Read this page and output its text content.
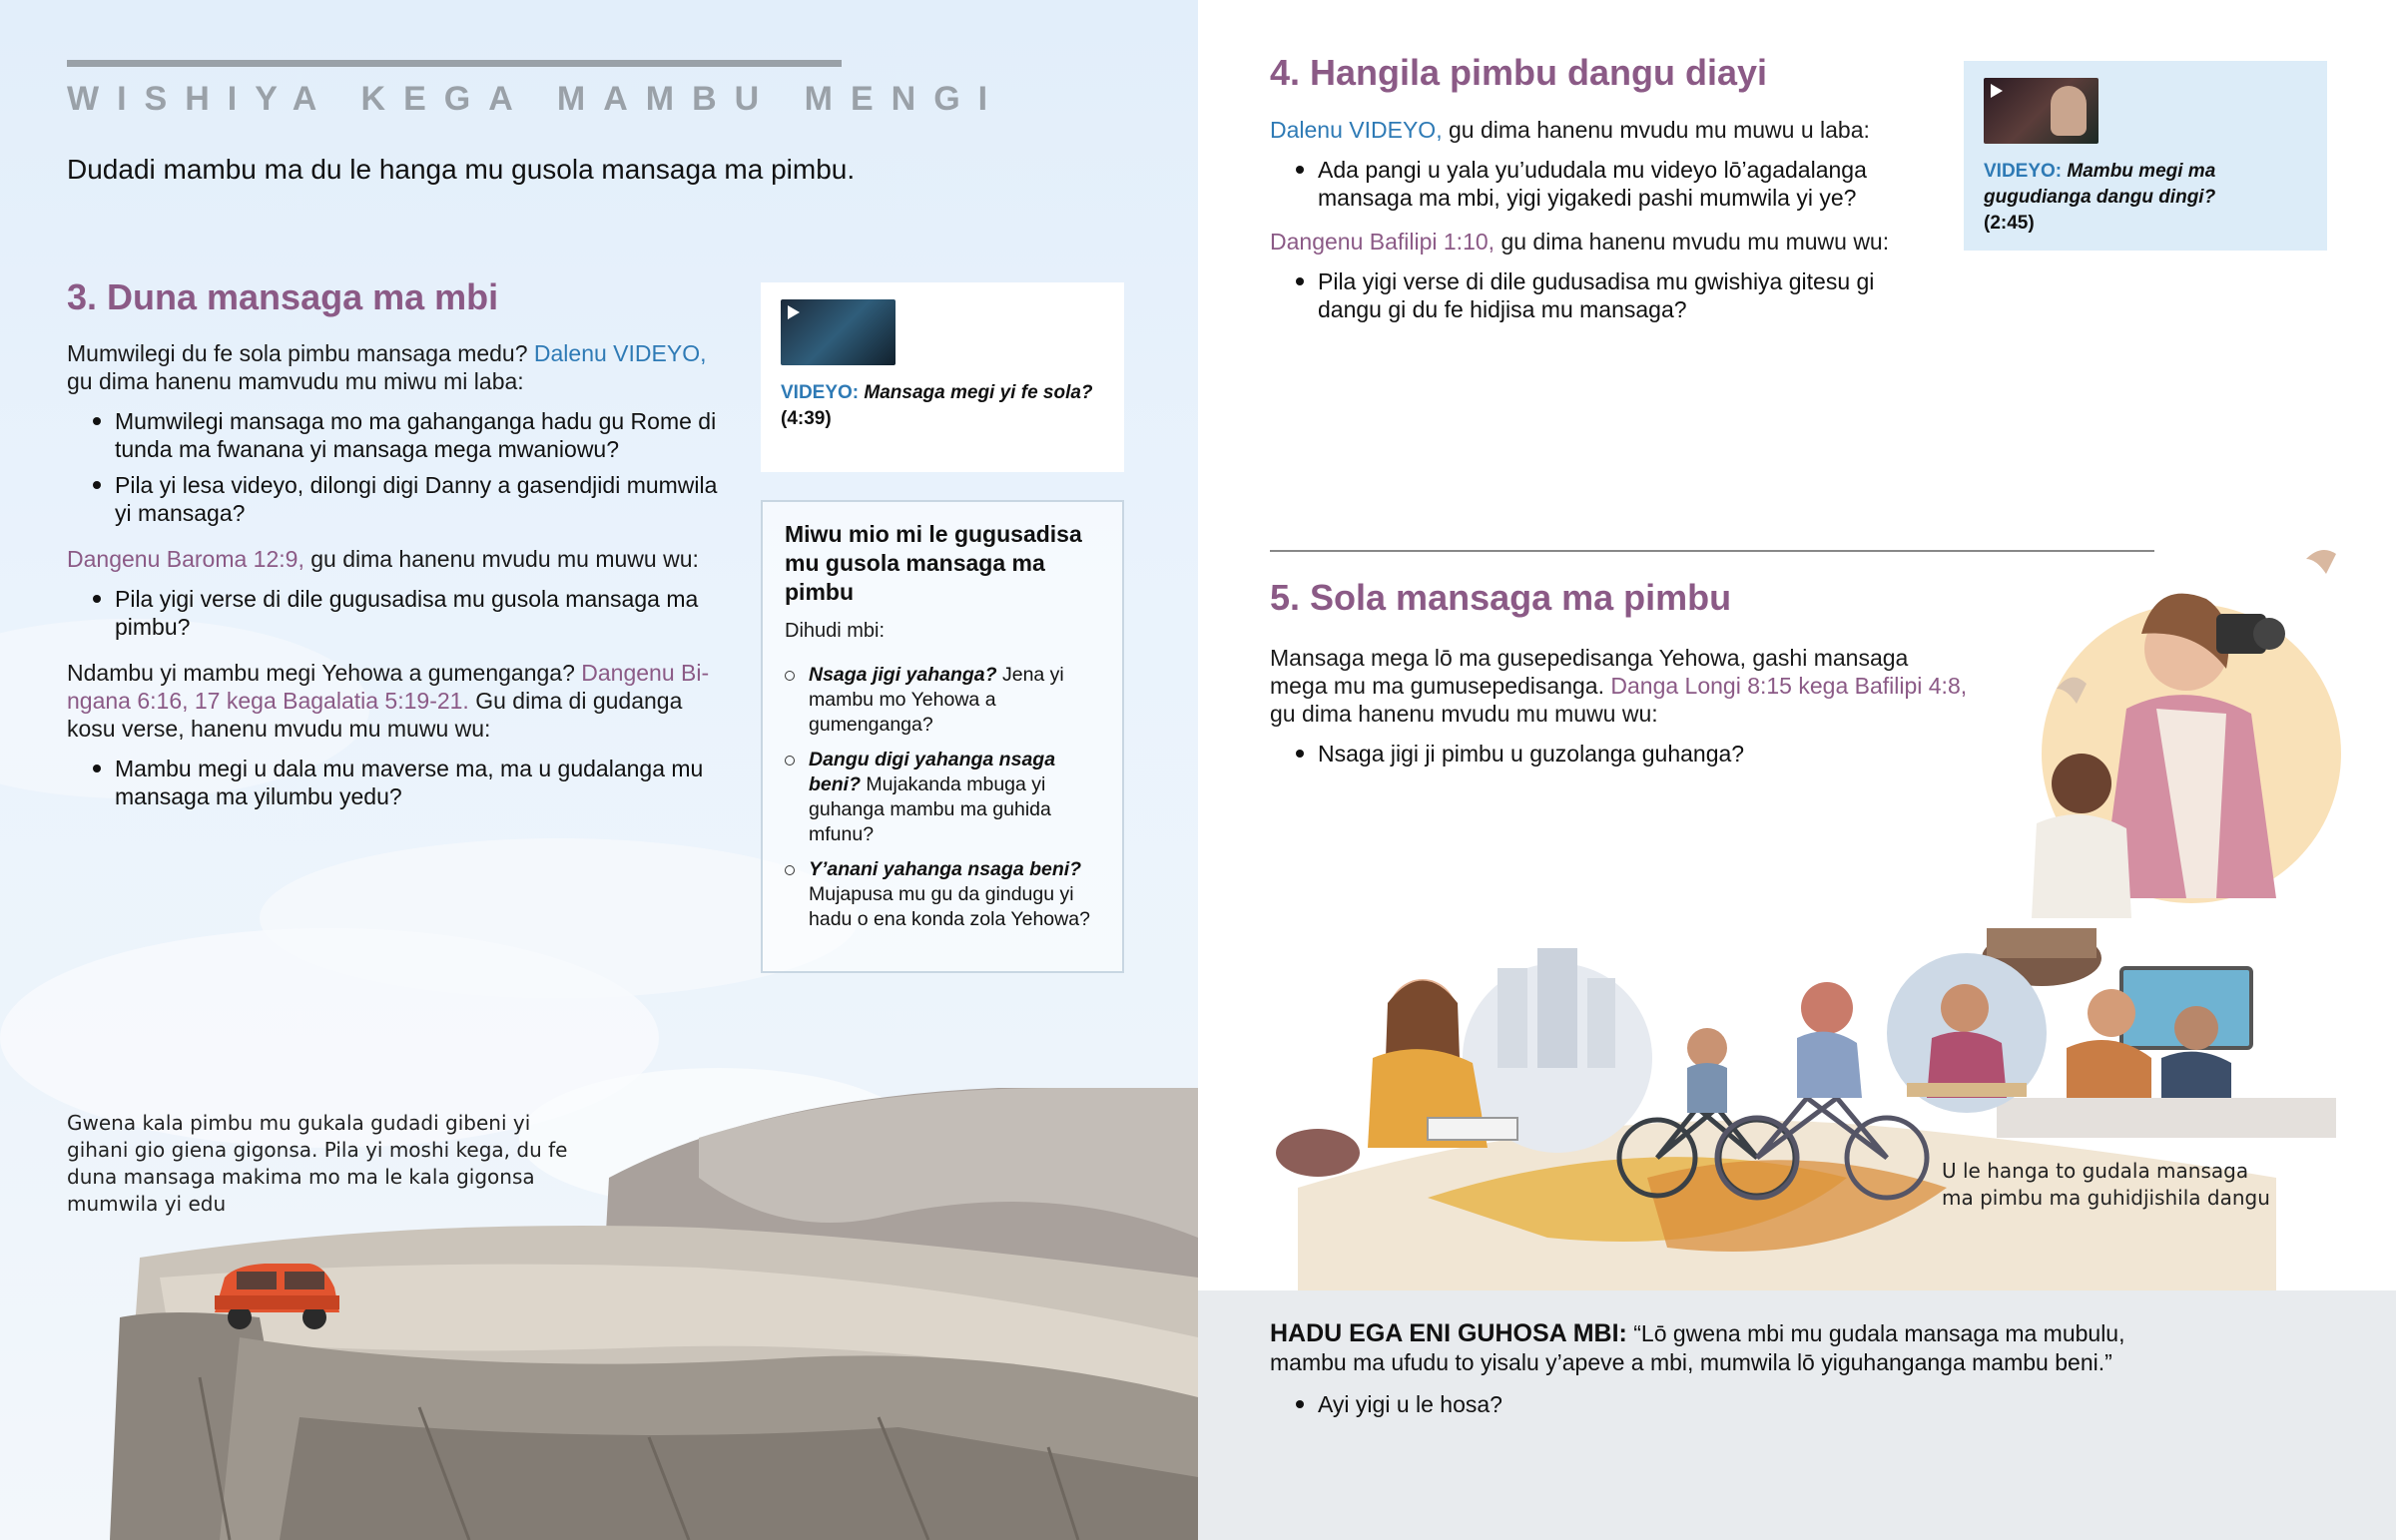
WISHIYA KEGA MAMBU MENGI
Dudadi mambu ma du le hanga mu gusola mansaga ma pimbu.
3. Duna mansaga ma mbi

Mumwilegi du fe sola pimbu mansaga medu? Dalenu VIDEYO, gu dima hanenu mamvudu mu miwu mi laba:

Mumwilegi mansaga mo ma gahanganga hadu gu Rome di tunda ma fwanana yi mansaga mega mwaniowu?
Pila yi lesa videyo, dilongi digi Danny a gasendjidi mumwila yi mansaga?

Dangenu Baroma 12:9, gu dima hanenu mvudu mu muwu wu:

Pila yigi verse di dile gugusadisa mu gusola mansaga ma pimbu?

Ndambu yi mambu megi Yehowa a gumenganga? Dangenu Bi-ngana 6:16, 17 kega Bagalatia 5:19-21. Gu dima di gudanga kosu verse, hanenu mvudu mu muwu wu:

Mambu megi u dala mu maverse ma, ma u gudalanga mu mansaga ma yilumbu yedu?
VIDEYO: Mansaga megi yi fe sola?
(4:39)
Miwu mio mi le gugusadisa mu gusola mansaga ma pimbu
Dihudi mbi:
Nsaga jigi yahanga? Jena yi mambu mo Yehowa a gumenganga?
Dangu digi yahanga nsaga beni? Mujakanda mbuga yi guhanga mambu ma guhida mfunu?
Y’anani yahanga nsaga beni? Mujapusa mu gu da gindugu yi hadu o ena konda zola Yehowa?
Gwena kala pimbu mu gukala gudadi gibeni yi gihani gio giena gigonsa. Pila yi moshi kega, du fe duna mansaga makima mo ma le kala gigonsa mumwila yi edu
4. Hangila pimbu dangu diayi

Dalenu VIDEYO, gu dima hanenu mvudu mu muwu u laba:

Ada pangi u yala yu’ududala mu videyo lō’agadalanga mansaga ma mbi, yigi yigakedi pashi mumwila yi ye?

Dangenu Bafilipi 1:10, gu dima hanenu mvudu mu muwu wu:

Pila yigi verse di dile gudusadisa mu gwishiya gitesu gi dangu gi du fe hidjisa mu mansaga?
VIDEYO: Mambu megi ma gugudianga dangu dingi?
(2:45)
5. Sola mansaga ma pimbu

Mansaga mega lō ma gusepedisanga Yehowa, gashi mansaga mega mu ma gumusepedisanga. Danga Longi 8:15 kega Bafilipi 4:8, gu dima hanenu mvudu mu muwu wu:

Nsaga jigi ji pimbu u guzolanga guhanga?
U le hanga to gudala mansaga ma pimbu ma guhidjishila dangu

HADU EGA ENI GUHOSA MBI: “Lō gwena mbi mu gudala mansaga ma mubulu, mambu ma ufudu to yisalu y’apeve a mbi, mumwila lō yiguhanganga mambu beni.”

Ayi yigi u le hosa?
